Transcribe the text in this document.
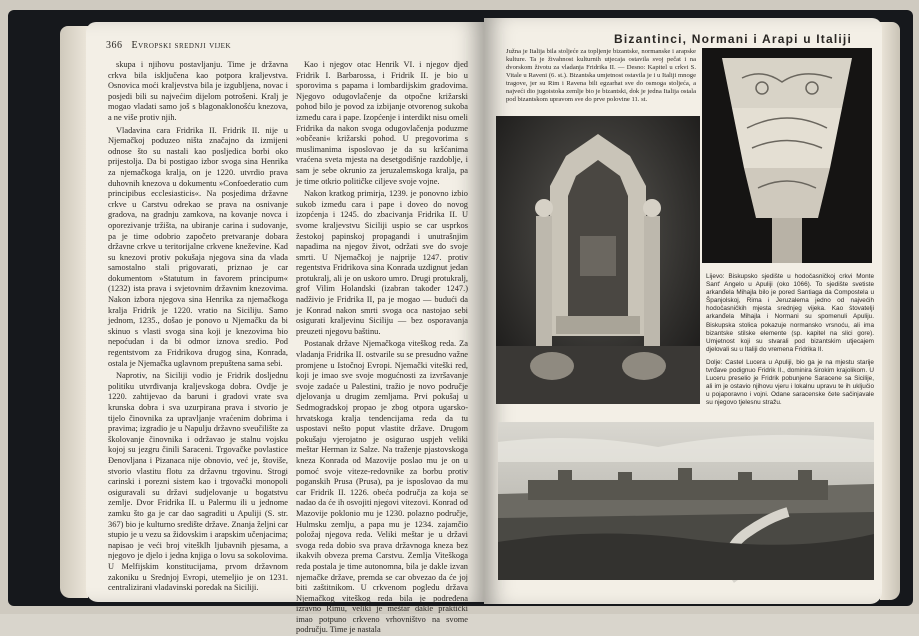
366 Evropski srednji vijek

skupa i njihovu postavljanju. Time je državna crkva bila isključena kao potpora kraljevstva. Osnovica moći kraljevstva bila je izgubljena, novac i posjedi bili su najvećim dijelom potrošeni. Kralj je mogao vladati samo još s blagonaklonošću knezova, a ne više protiv njih.

Vladavina cara Fridrika II. Fridrik II. nije u Njemačkoj poduzeo ništa značajno da izmijeni odnose što su nastali kao posljedica borbi oko prijestolja. Da bi postigao izbor svoga sina Henrika za njemačkoga kralja, on je 1220. utvrdio prava duhovnih knezova u dokumentu »Confoederatio cum principibus ecclesiasticis«. Na posjedima državne crkve u Carstvu odrekao se prava na osnivanje gradova, na gradnju zamkova, na kovanje novca i oporezivanje tržišta, na ubiranje carina i sudovanje, pa je time odobrio započeto pretvaranje dobara državne crkve u teritorijalne crkvene kneževine. Kad su knezovi protiv pokušaja njegova sina da vlada samostalno stali prigovarati, priznao je car dokumentom »Statutum in favorem principum« (1232) ista prava i svjetovnim državnim knezovima. Nakon izbora njegova sina Henrika za njemačkoga kralja Fridrik je 1220. vratio na Siciliju. Samo jednom, 1235., došao je ponovo u Njemačku da bi skinuo s vlasti svoga sina koji je knezovima bio nepoćudan i da bi odmor iznova sredio. Pod regentstvom za Fridrikova drugog sina, Konrada, ostala je Njemačka uglavnom prepuštena sama sebi.

Naprotiv, na Siciliji vodio je Fridrik dosljednu politiku utvrđivanja kraljevskoga dobra. Ovdje je 1220. zahtijevao da baruni i gradovi vrate sva krunska dobra i sva uzurpirana prava i stvorio je tijelo činovnika za upravljanje vraćenim dobrima i pravima; izgradio je u Napulju državno sveučilište za školovanje činovnika i održavao je stalnu vojsku kojoj su jezgru činili Saraceni. Trgovačke povlastice Đenovljana i Pizanaca nije obnovio, već je, štoviše, stvorio vlastitu flotu za državnu trgovinu. Strogi carinski i porezni sistem kao i trgovački monopoli osiguravali su državi sudjelovanje u bogatstvu zemlje. Dvor Fridrika II. u Palermu ili u jednome zamku što ga je car dao sagraditi u Apuliji (S. str. 367) bio je kulturno središte države. Znanja željni car stupio je u vezu sa židovskim i arapskim učenjacima; napisao je veći broj vitešklh ljubavnih pjesama, a njegovo je djelo i jedna knjiga o lovu sa sokolovima. U Melfijskim konstitucijama, prvom državnom zakoniku u Srednjoj Evropi, utemeljio je on 1231. centralizirani vladavinski poredak na Siciliji.

Kao i njegov otac Henrik VI. i njegov djed Fridrik I. Barbarossa, i Fridrik II. je bio u sporovima s papama i lombardijskim gradovima. Njegovo odugovlačenje da otpočne križarski pohod bilo je povod za izbijanje otvorenog sukoba između cara i pape. Izopćenje i interdikt nisu omeli Fridrika da nakon svoga odugovlačenja poduzme »občeani« križarski pohod. U pregovorima s muslimanima isposlovao je da su kršćanima vraćena sveta mjesta na desetgodišnje razdoblje, i sam je sebe okrunio za jeruzalemskoga kralja, pa je time otkrio političke ciljeve svoje vojne.

Nakon kratkog primirja, 1239. je ponovno izbio sukob između cara i pape i doveo do novog izopćenja i 1245. do zbacivanja Fridrika II. U svome kraljevstvu Siciliji uspio se car usprkos žestokoj papinskoj propagandi i unutrašnjim napadima na njegov život, održati sve do svoje smrti. U Njemačkoj je najprije 1247. protiv regentstva Fridrikova sina Konrada uzdignut jedan protukralj, ali je on uskoro umro. Drugi protukralj, grof Vilim Holandski (izabran također 1247.) nadživio je Fridrika II, pa je mogao — budući da je Konrad nakon smrti svoga oca nastojao sebi osigurati kraljevinu Siciliju — bez osporavanja preuzeti njegovu baštinu.

Postanak države Njemačkoga viteškog reda. Za vladanja Fridrika II. ostvarile su se presudno važne promjene u Istočnoj Evropi. Njemački viteški red, koji je imao sve svoje mogućnosti za izvršavanje svoje zadaće u Palestini, tražio je novo područje djelovanja u drugim zemljama. Prvi pokušaj u Sedmogradskoj propao je zbog otpora ugarsko-hrvatskoga kralja tendencijama reda da tu uspostavi nešto poput vlastite države. Drugom pokušaju vjerojatno je osigurao uspjeh veliki meštar Herman iz Salze. Na traženje pjastovskoga kneza Konrada od Mazovije poslao mu je on u pomoć svoje viteze-redovnike za borbu protiv poganskih Prusa (Prusa), pa je isposlovao da mu car Fridrik II. 1226. obeća područja za koja se nadao da će ih osvojiti njegovi vitezovi. Konrad od Mazovije poklonio mu je 1230. polazno područje, Hulmsku zemlju, a papa mu je 1234. zajamčio položaj njegova reda. Veliki meštar je u državi svoga reda dobio sva prava državnoga kneza bez ikakvih obveza prema Carstvu. Zemlja Viteškoga reda postala je time autonomna, bila je dakle izvan njemačke države, premda se car obvezao da će joj biti zaštitnikom. U crkvenom pogledu država Njemačkog viteškog reda bila je podređena izravno Rimu, veliki je meštar dakle praktički imao potpuno crkveno vrhovništvo na svome području. Time je nastala

Bizantinci, Normani i Arapi u Italiji
Južna je Italija bila stoljeće za topljenje bizantske, normanske i arapske kulture. Ta je živahnost kulturnih utjecaja ostavila svoj pečat i na dvorskom životu za vladanja Fridrika II. — Desno: Kapitel u crkvi S. Vitale u Raveni (6. st.). Bizantska umjetnost ostavila je i u Italiji mnoge tragove, jer su Rim i Ravena bili egzarhat sve do osmoga stoljeća, a najveći dio jugoistoka zemlje bio je bizantski, dok je jedna Italija ostala pod bizantskom upravom sve do prve polovine 11. st.

Lijevo: Biskupsko sjedište u hodočasničkoj crkvi Monte Sant' Angelo u Apuliji (oko 1066). To sjedište svetiste arkanđela Mihajla bilo je pored Santiaga da Compostela u Španjolskoj, Rima i Jeruzalema jedno od najvećih hodočasničkih mjesta srednjeg vijeka. Kao štovatelji arkanđela Mihajla i Normani su spomenuli Apuliju. Biskupska stolica pokazuje normansko vrsnoću, ali ima bizantske stilske elemente (sp. kapitel na slici gore). Umjetnost koji su stvarali pod bizantskim utjecajem djelovali su u Italiji do vremena Fridrika II.

Dolje: Castel Lucera u Apuliji, bio ga je na mjestu starije tvrđave podignuo Fridrik II., dominira širokim krajolikom. U Luceru preselio je Fridrik pobunjene Saracene sa Sicilije, ali im je ostavio njihovu vjeru i lokalnu upravu te ih uključio u pojaporavno i vojni. Odane saracenske čete sačinjavale su njegovo tjelesnu stražu.
